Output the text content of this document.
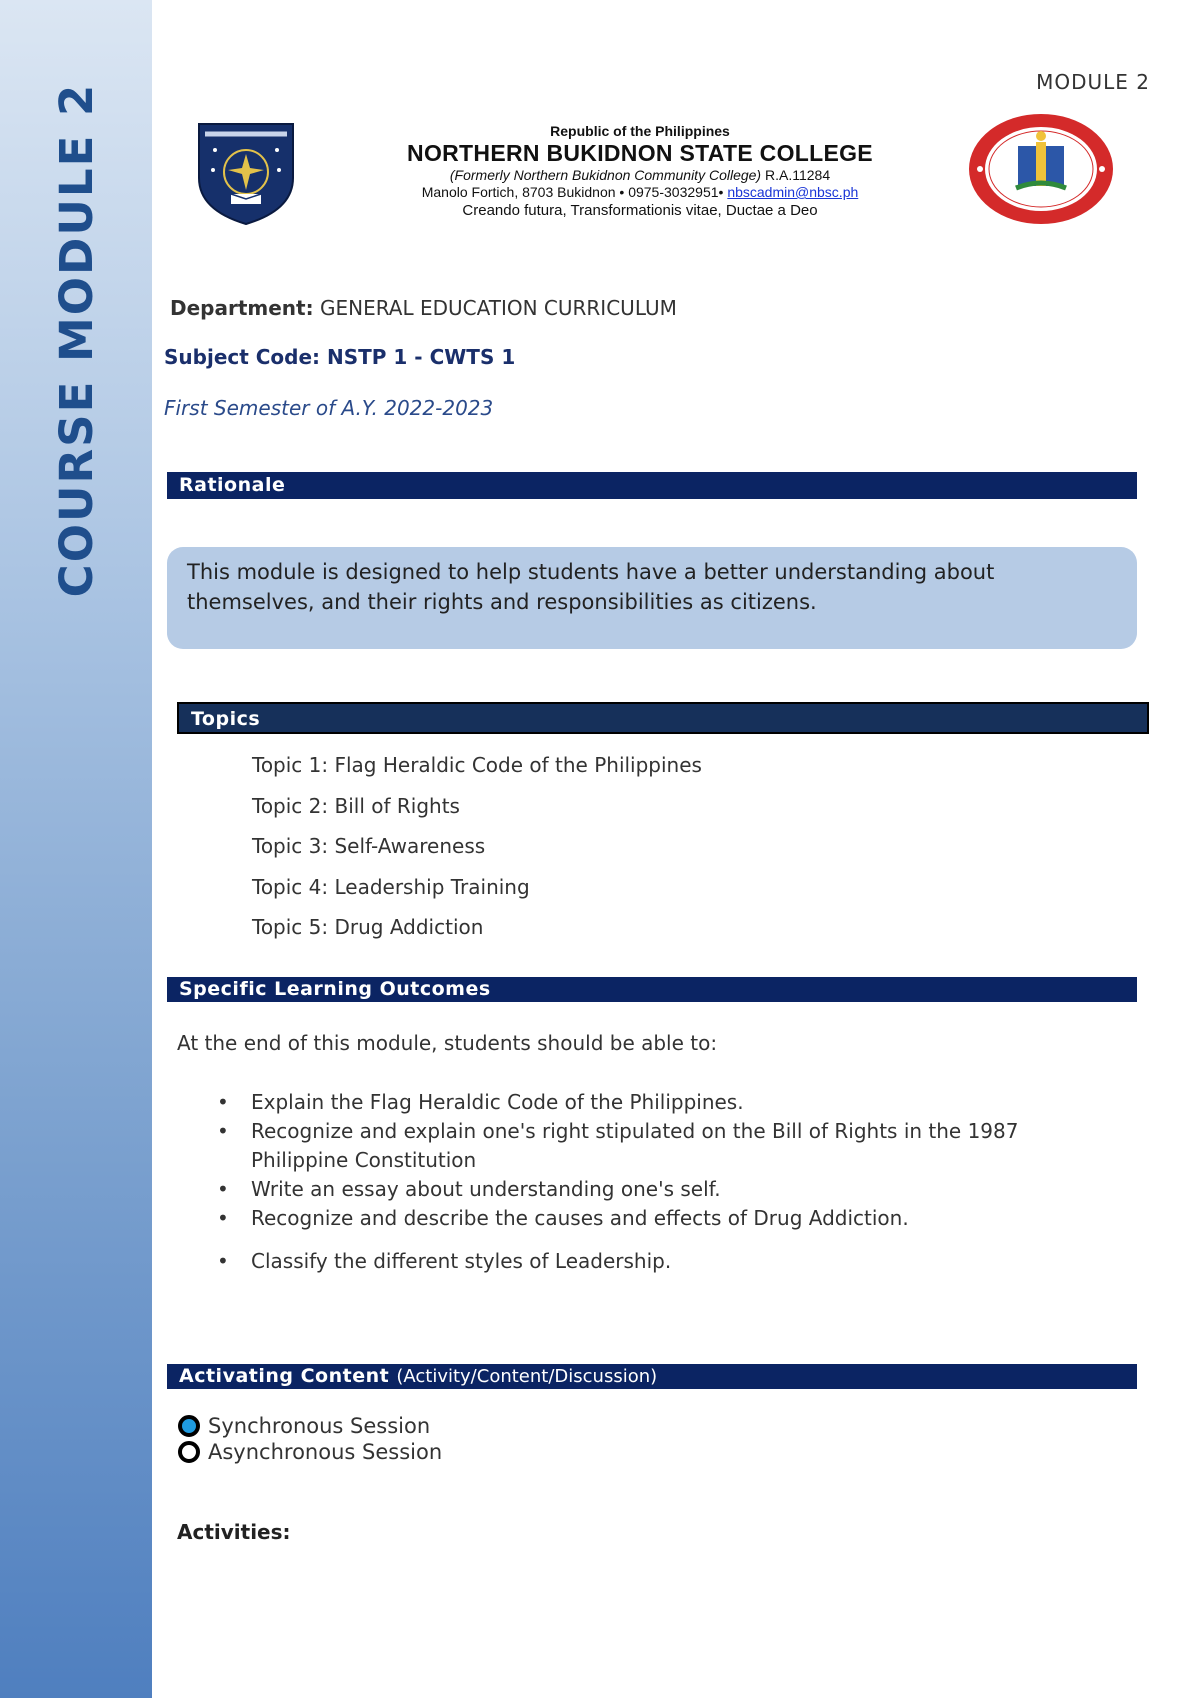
COURSE MODULE 2
MODULE 2
Republic of the Philippines
NORTHERN BUKIDNON STATE COLLEGE
(Formerly Northern Bukidnon Community College) R.A.11284
Manolo Fortich, 8703 Bukidnon • 0975-3032951• nbscadmin@nbsc.ph
Creando futura, Transformationis vitae, Ductae a Deo
Department: GENERAL EDUCATION CURRICULUM
Subject Code: NSTP 1 - CWTS 1
First Semester of A.Y. 2022-2023
Rationale
This module is designed to help students have a better understanding about themselves, and their rights and responsibilities as citizens.
Topics
Topic 1: Flag Heraldic Code of the Philippines
Topic 2: Bill of Rights
Topic 3: Self-Awareness
Topic 4: Leadership Training
Topic 5: Drug Addiction
Specific Learning Outcomes
At the end of this module, students should be able to:
• Explain the Flag Heraldic Code of the Philippines.
• Recognize and explain one's right stipulated on the Bill of Rights in the 1987 Philippine Constitution
• Write an essay about understanding one's self.
• Recognize and describe the causes and effects of Drug Addiction.
• Classify the different styles of Leadership.
Activating Content (Activity/Content/Discussion)
Synchronous Session
Asynchronous Session
Activities:
